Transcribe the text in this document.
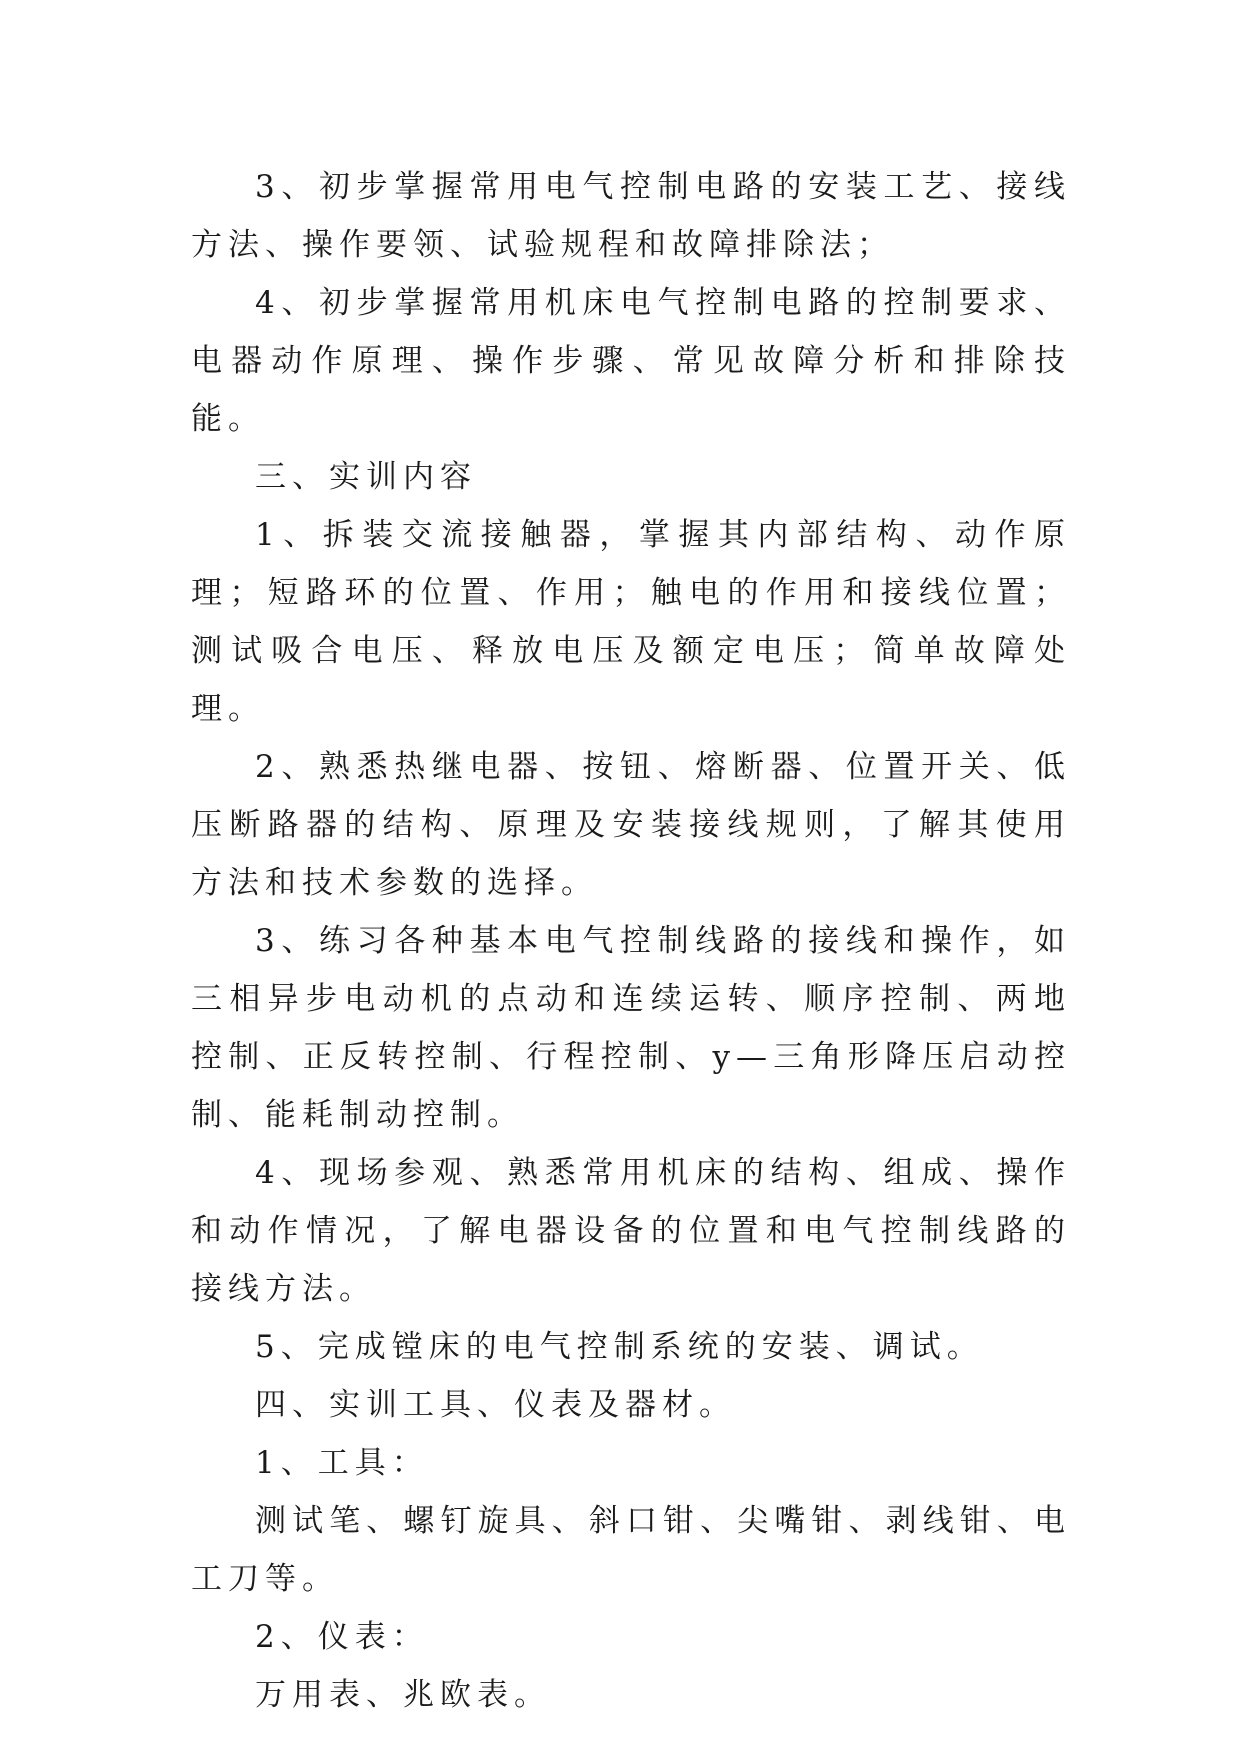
3、初步掌握常用电气控制电路的安装工艺、接线方法、操作要领、试验规程和故障排除法；

4、初步掌握常用机床电气控制电路的控制要求、电器动作原理、操作步骤、常见故障分析和排除技能。

三、实训内容

1、拆装交流接触器，掌握其内部结构、动作原理；短路环的位置、作用；触电的作用和接线位置；测试吸合电压、释放电压及额定电压；简单故障处理。

2、熟悉热继电器、按钮、熔断器、位置开关、低压断路器的结构、原理及安装接线规则，了解其使用方法和技术参数的选择。

3、练习各种基本电气控制线路的接线和操作，如三相异步电动机的点动和连续运转、顺序控制、两地控制、正反转控制、行程控制、y—三角形降压启动控制、能耗制动控制。

4、现场参观、熟悉常用机床的结构、组成、操作和动作情况，了解电器设备的位置和电气控制线路的接线方法。

5、完成镗床的电气控制系统的安装、调试。

四、实训工具、仪表及器材。

1、工具：

测试笔、螺钉旋具、斜口钳、尖嘴钳、剥线钳、电工刀等。

2、仪表：

万用表、兆欧表。
